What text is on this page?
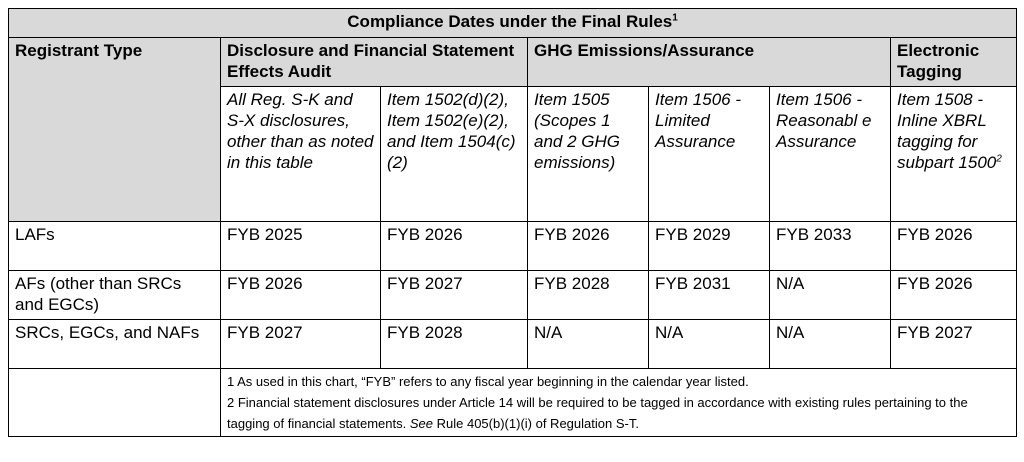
Compliance Dates under the Final Rules$^1$
Registrant Type	Disclosure and Financial Statement Effects Audit		GHG Emissions/Assurance			Electronic Tagging
	All Reg. S-K and S-X disclosures, other than as noted in this table	Item 1502(d)(2), Item 1502(e)(2), and Item 1504(c)(2)	Item 1505 (Scopes 1 and 2 GHG emissions)	Item 1506 - Limited Assurance	Item 1506 - Reasonabl e Assurance	Item 1508 - Inline XBRL tagging for subpart 1500$^2$
LAFs	FYB 2025	FYB 2026	FYB 2026	FYB 2029	FYB 2033	FYB 2026
AFs (other than SRCs and EGCs)	FYB 2026	FYB 2027	FYB 2028	FYB 2031	N/A	FYB 2026
SRCs, EGCs, and NAFs	FYB 2027	FYB 2028	N/A	N/A	N/A	FYB 2027

	1 As used in this chart, “FYB” refers to any fiscal year beginning in the calendar year listed.
2 Financial statement disclosures under Article 14 will be required to be tagged in accordance with existing rules pertaining to the tagging of financial statements. See Rule 405(b)(1)(i) of Regulation S-T.					
